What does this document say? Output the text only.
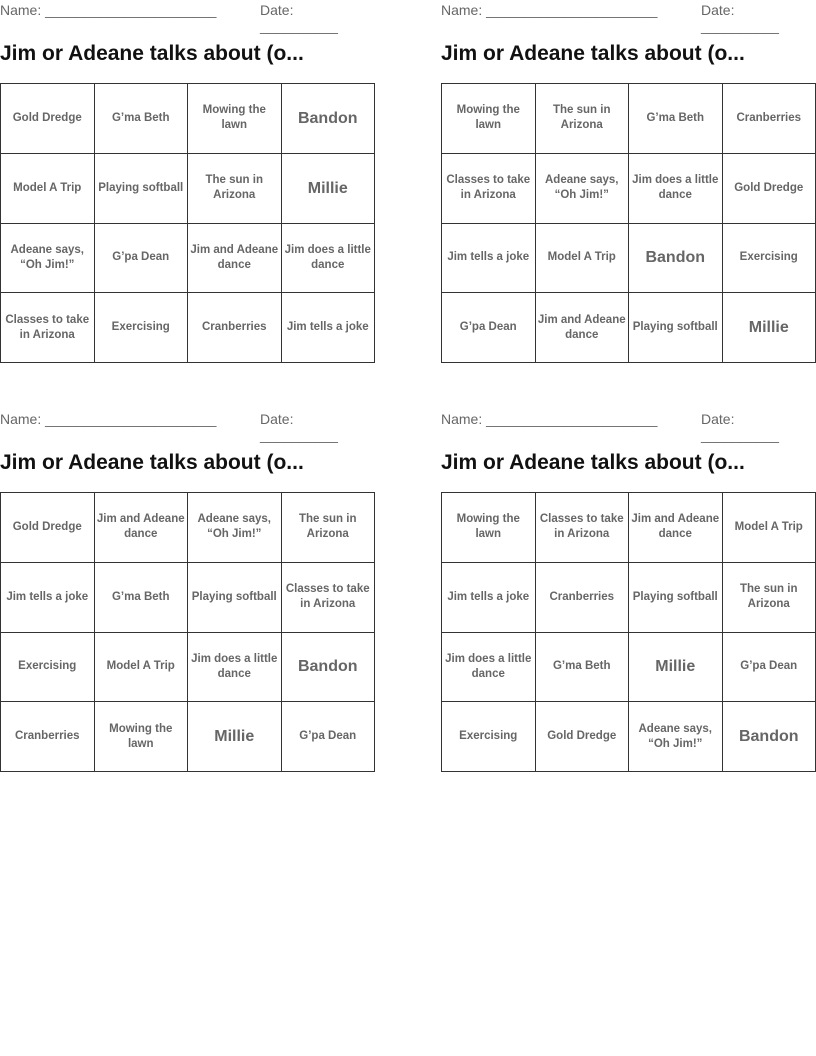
Name: ______________________	Date: __________
Jim or Adeane talks about (o...
Gold Dredge	G’ma Beth	Mowing the lawn	Bandon
Model A Trip	Playing softball	The sun in Arizona	Millie
Adeane says, “Oh Jim!”	G’pa Dean	Jim and Adeane dance	Jim does a little dance
Classes to take in Arizona	Exercising	Cranberries	Jim tells a joke
Name: ______________________	Date: __________
Jim or Adeane talks about (o...
Mowing the lawn	The sun in Arizona	G’ma Beth	Cranberries
Classes to take in Arizona	Adeane says, “Oh Jim!”	Jim does a little dance	Gold Dredge
Jim tells a joke	Model A Trip	Bandon	Exercising
G’pa Dean	Jim and Adeane dance	Playing softball	Millie
Name: ______________________	Date: __________
Jim or Adeane talks about (o...
Gold Dredge	Jim and Adeane dance	Adeane says, “Oh Jim!”	The sun in Arizona
Jim tells a joke	G’ma Beth	Playing softball	Classes to take in Arizona
Exercising	Model A Trip	Jim does a little dance	Bandon
Cranberries	Mowing the lawn	Millie	G’pa Dean
Name: ______________________	Date: __________
Jim or Adeane talks about (o...
Mowing the lawn	Classes to take in Arizona	Jim and Adeane dance	Model A Trip
Jim tells a joke	Cranberries	Playing softball	The sun in Arizona
Jim does a little dance	G’ma Beth	Millie	G’pa Dean
Exercising	Gold Dredge	Adeane says, “Oh Jim!”	Bandon
